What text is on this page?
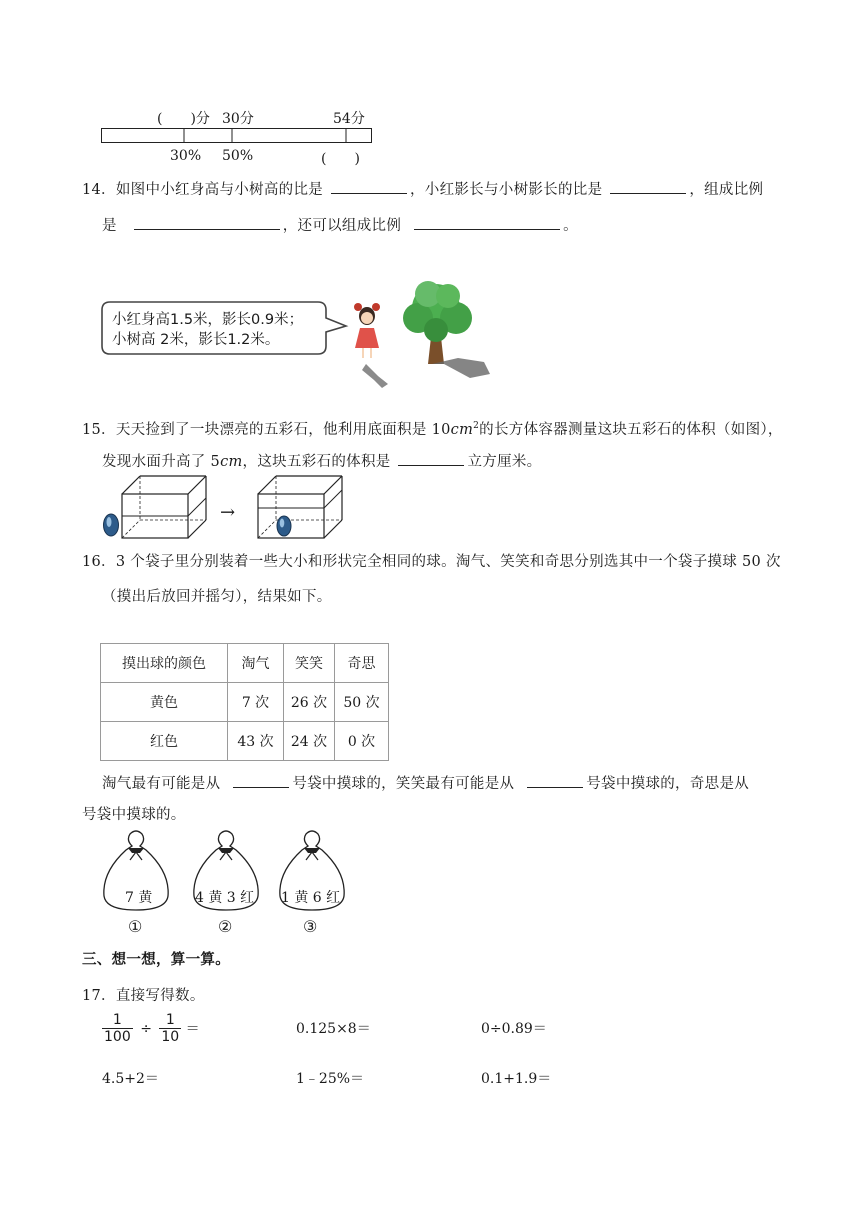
(　　)分 30分	54分
30% 50%	(　　)
14．如图中小红身高与小树高的比是	，小红影长与小树影长的比是	，组成比例
是	，还可以组成比例	。
小红身高1.5米，影长0.9米；
小树高 2米，影长1.2米。
15．天天捡到了一块漂亮的五彩石，他利用底面积是 $10cm^2$的长方体容器测量这块五彩石的体积（如图），
发现水面升高了 5cm，这块五彩石的体积是	立方厘米。
→
16．3 个袋子里分别装着一些大小和形状完全相同的球。淘气、笑笑和奇思分别选其中一个袋子摸球 50 次
（摸出后放回并摇匀），结果如下。
摸出球的颜色	淘气	笑笑	奇思
黄色	7 次	26 次	50 次
红色	43 次	24 次	0 次
淘气最有可能是从	号袋中摸球的，笑笑最有可能是从	号袋中摸球的，奇思是从
号袋中摸球的。
7 黄
①
4 黄 3 红
②
1 黄 6 红
③
三、想一想，算一算。
17．直接写得数。
$\frac{1}{100} \div \frac{1}{10}$ ＝	0.125×8＝	0÷0.89＝
4.5+2＝	1﹣25%＝	0.1+1.9＝
